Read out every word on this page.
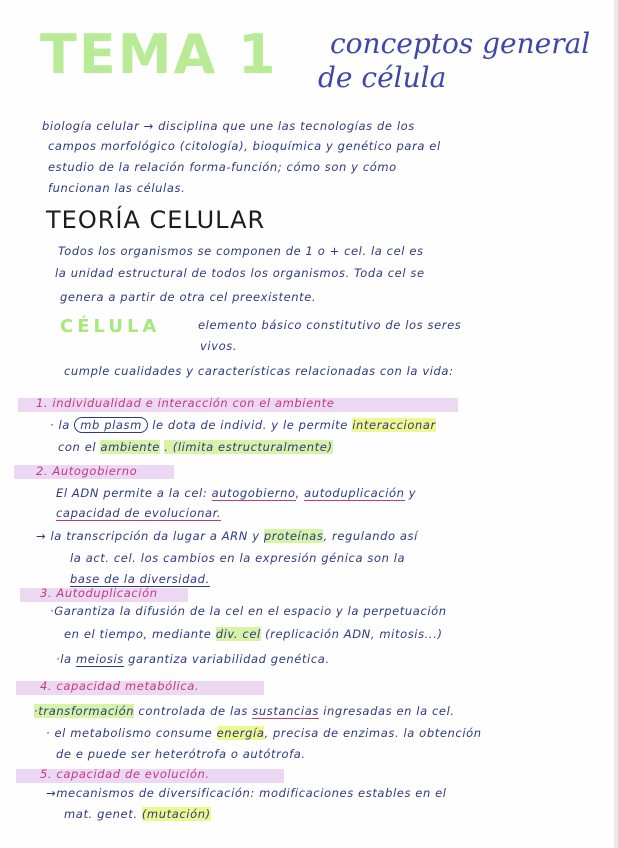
TEMA 1 conceptos general
de célula
biología celular → disciplina que une las tecnologías de los
campos morfológico (citología), bioquímica y genético para el
estudio de la relación forma-función; cómo son y cómo
funcionan las células.
TEORÍA CELULAR
Todos los organismos se componen de 1 o + cel. la cel es
la unidad estructural de todos los organismos. Toda cel se
genera a partir de otra cel preexistente.
CÉLULA	elemento básico constitutivo de los seres
vivos.
cumple cualidades y características relacionadas con la vida:
1. individualidad e interacción con el ambiente
· la mb plasm le dota de individ. y le permite interaccionar
con el ambiente . (limita estructuralmente)
2. Autogobierno
El ADN permite a la cel: autogobierno, autoduplicación y
capacidad de evolucionar.
→ la transcripción da lugar a ARN y proteínas, regulando así
la act. cel. los cambios en la expresión génica son la
base de la diversidad.
3. Autoduplicación
·Garantiza la difusión de la cel en el espacio y la perpetuación
en el tiempo, mediante div. cel (replicación ADN, mitosis...)
·la meiosis garantiza variabilidad genética.
4. capacidad metabólica.
·transformación controlada de las sustancias ingresadas en la cel.
· el metabolismo consume energía, precisa de enzimas. la obtención
de e puede ser heterótrofa o autótrofa.
5. capacidad de evolución.
→mecanismos de diversificación: modificaciones estables en el
mat. genet. (mutación)
